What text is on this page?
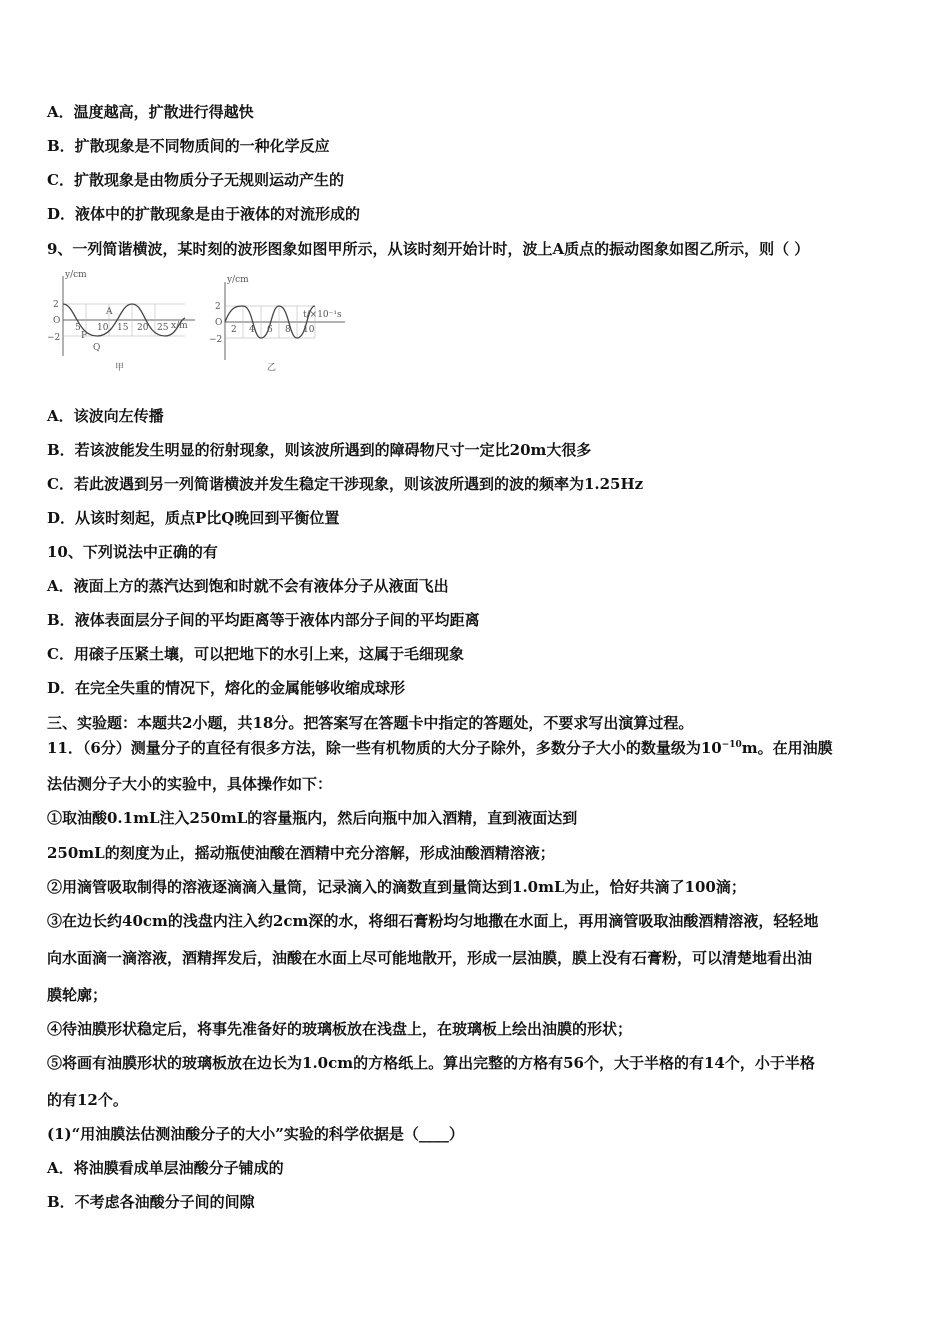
A．温度越高，扩散进行得越快
B．扩散现象是不同物质间的一种化学反应
C．扩散现象是由物质分子无规则运动产生的
D．液体中的扩散现象是由于液体的对流形成的
9、一列简谐横波，某时刻的波形图象如图甲所示，从该时刻开始计时，波上A质点的振动图象如图乙所示，则（ ）
y/cm
x/m
O
2
−2
5 10 15 20 25
P
A
Q
甲
y/cm
t/×10⁻¹s
O
2
−2
2 4 6 8 10
乙
A．该波向左传播
B．若该波能发生明显的衍射现象，则该波所遇到的障碍物尺寸一定比20m大很多
C．若此波遇到另一列简谐横波并发生稳定干涉现象，则该波所遇到的波的频率为1.25Hz
D．从该时刻起，质点P比Q晚回到平衡位置
10、下列说法中正确的有
A．液面上方的蒸汽达到饱和时就不会有液体分子从液面飞出
B．液体表面层分子间的平均距离等于液体内部分子间的平均距离
C．用磙子压紧土壤，可以把地下的水引上来，这属于毛细现象
D．在完全失重的情况下，熔化的金属能够收缩成球形
三、实验题：本题共2小题，共18分。把答案写在答题卡中指定的答题处，不要求写出演算过程。
11．（6分）测量分子的直径有很多方法，除一些有机物质的大分子除外，多数分子大小的数量级为$10^{-10}m$。在用油膜
法估测分子大小的实验中，具体操作如下：
①取油酸0.1mL注入250mL的容量瓶内，然后向瓶中加入酒精，直到液面达到
250mL的刻度为止，摇动瓶使油酸在酒精中充分溶解，形成油酸酒精溶液；
②用滴管吸取制得的溶液逐滴滴入量筒，记录滴入的滴数直到量筒达到1.0mL为止，恰好共滴了100滴；
③在边长约40cm的浅盘内注入约2cm深的水，将细石膏粉均匀地撒在水面上，再用滴管吸取油酸酒精溶液，轻轻地
向水面滴一滴溶液，酒精挥发后，油酸在水面上尽可能地散开，形成一层油膜，膜上没有石膏粉，可以清楚地看出油
膜轮廓；
④待油膜形状稳定后，将事先准备好的玻璃板放在浅盘上，在玻璃板上绘出油膜的形状；
⑤将画有油膜形状的玻璃板放在边长为1.0cm的方格纸上。算出完整的方格有56个，大于半格的有14个，小于半格
的有12个。
(1)“用油膜法估测油酸分子的大小”实验的科学依据是（____）
A．将油膜看成单层油酸分子铺成的
B．不考虑各油酸分子间的间隙
